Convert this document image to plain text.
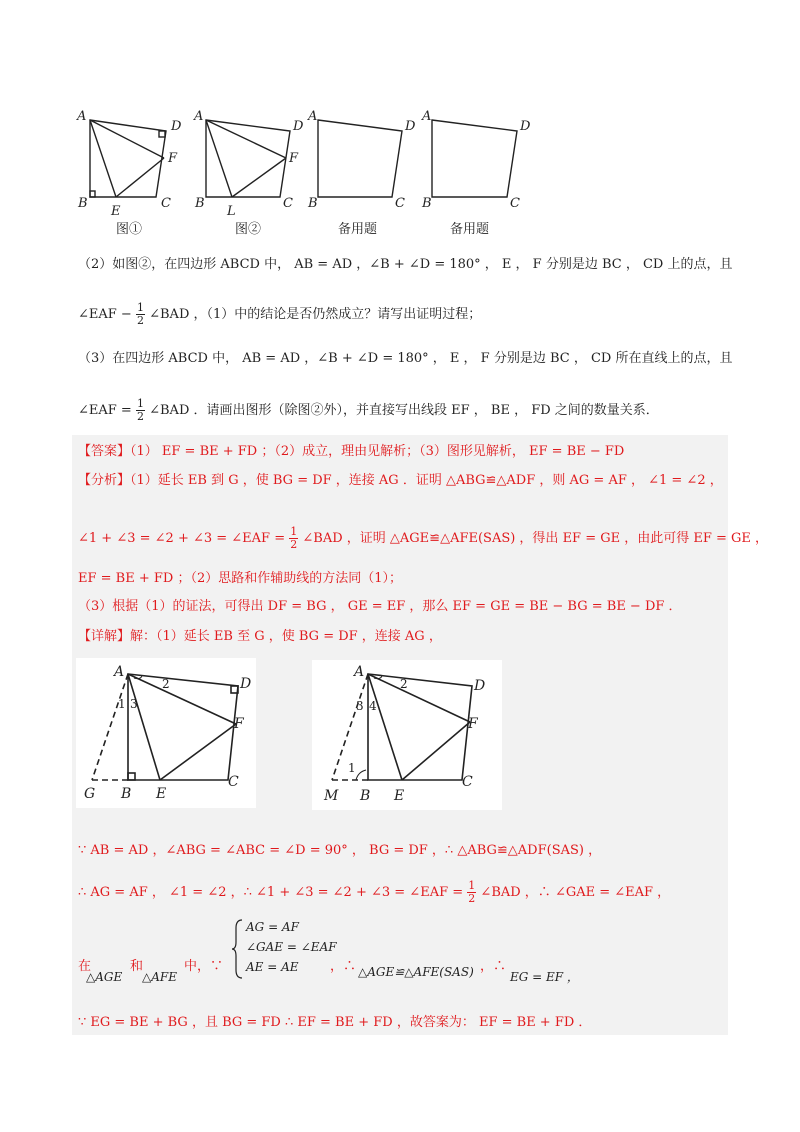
A
D
F
B
E
C
A
D
F
B
L
C
A
D
B	C
A
D
B	C
图①	图②	备用题	备用题
（2）如图②，在四边形 ABCD 中， AB = AD ，∠B + ∠D = 180° ， E ， F 分别是边 BC ， CD 上的点，且
∠EAF − $\frac{1}{2}$ ∠BAD ，（1）中的结论是否仍然成立？请写出证明过程；
（3）在四边形 ABCD 中， AB = AD ，∠B + ∠D = 180° ， E ， F 分别是边 BC ， CD 所在直线上的点，且
∠EAF = $\frac{1}{2}$ ∠BAD ．请画出图形（除图②外），并直接写出线段 EF ， BE ， FD 之间的数量关系．
【答案】（1） EF = BE + FD ；（2）成立，理由见解析；（3）图形见解析， EF = BE − FD
【分析】（1）延长 EB 到 G ，使 BG = DF ，连接 AG ．证明 △ABG≌△ADF ，则 AG = AF ， ∠1 = ∠2 ，
∠1 + ∠3 = ∠2 + ∠3 = ∠EAF = $\frac{1}{2}$ ∠BAD ，证明 △AGE≌△AFE(SAS) ，得出 EF = GE ，由此可得 EF = GE ，
EF = BE + FD ；（2）思路和作辅助线的方法同（1）；
（3）根据（1）的证法，可得出 DF = BG ， GE = EF ，那么 EF = GE = BE − BG = BE − DF ．
【详解】解：（1）延长 EB 至 G ，使 BG = DF ，连接 AG ，
A
D
F
C
B E
G
1 3
2
A
D
F
C
B E
M
3 4
2
1
∵ AB = AD ，∠ABG = ∠ABC = ∠D = 90° ， BG = DF ，∴ △ABG≌△ADF(SAS) ，
∴ AG = AF ， ∠1 = ∠2 ，∴ ∠1 + ∠3 = ∠2 + ∠3 = ∠EAF = $\frac{1}{2}$ ∠BAD ，∴ ∠GAE = ∠EAF ，
在
△AGE
和
△AFE
中，∵
AG = AF
∠GAE = ∠EAF
AE = AE ，∴ △AGE≌△AFE(SAS) ，∴
EG = EF ，
∵ EG = BE + BG ，且 BG = FD ∴ EF = BE + FD ，故答案为： EF = BE + FD ．
